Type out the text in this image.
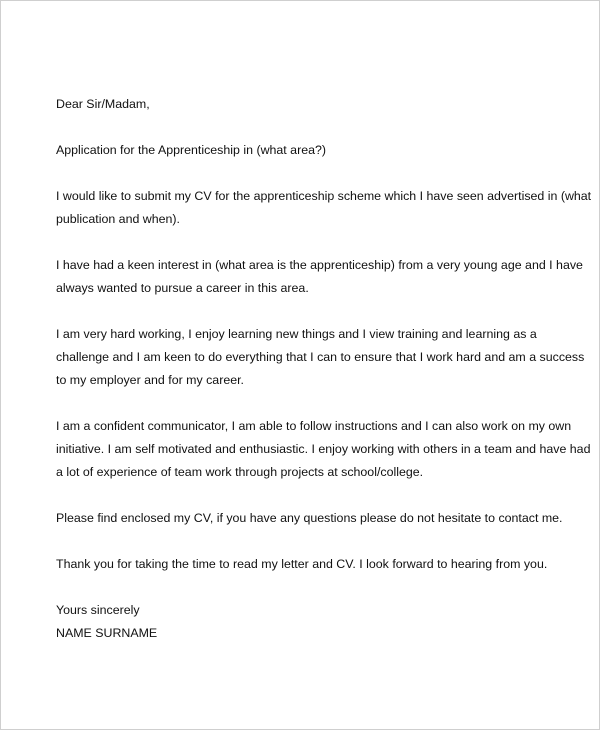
Dear Sir/Madam,

Application for the Apprenticeship in (what area?)

I would like to submit my CV for the apprenticeship scheme which I have seen advertised in (what
publication and when).

I have had a keen interest in (what area is the apprenticeship) from a very young age and I have
always wanted to pursue a career in this area.

I am very hard working, I enjoy learning new things and I view training and learning as a
challenge and I am keen to do everything that I can to ensure that I work hard and am a success
to my employer and for my career.

I am a confident communicator, I am able to follow instructions and I can also work on my own
initiative. I am self motivated and enthusiastic. I enjoy working with others in a team and have had
a lot of experience of team work through projects at school/college.

Please find enclosed my CV, if you have any questions please do not hesitate to contact me.

Thank you for taking the time to read my letter and CV. I look forward to hearing from you.

Yours sincerely

NAME SURNAME
